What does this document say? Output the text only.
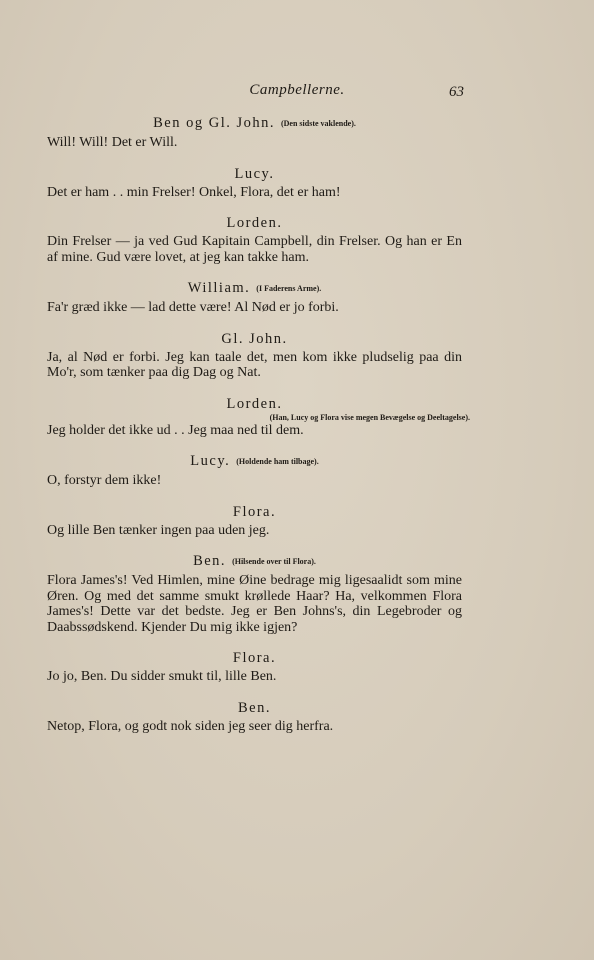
Campbellerne.	63
Ben og Gl. John. (Den sidste vaklende).
Will! Will! Det er Will.
Lucy.
Det er ham . . min Frelser! Onkel, Flora, det er ham!
Lorden.
Din Frelser — ja ved Gud Kapitain Campbell, din Frelser. Og han er En af mine. Gud være lovet, at jeg kan takke ham.
William. (I Faderens Arme).
Fa'r græd ikke — lad dette være! Al Nød er jo forbi.
Gl. John.
Ja, al Nød er forbi. Jeg kan taale det, men kom ikke pludselig paa din Mo'r, som tænker paa dig Dag og Nat.
Lorden.
(Han, Lucy og Flora vise megen Bevægelse og Deeltagelse).
Jeg holder det ikke ud . . Jeg maa ned til dem.
Lucy. (Holdende ham tilbage).
O, forstyr dem ikke!
Flora.
Og lille Ben tænker ingen paa uden jeg.
Ben. (Hilsende over til Flora).
Flora James's! Ved Himlen, mine Øine bedrage mig ligesaalidt som mine Øren. Og med det samme smukt krøllede Haar? Ha, velkommen Flora James's! Dette var det bedste. Jeg er Ben Johns's, din Legebroder og Daabssødskend. Kjender Du mig ikke igjen?
Flora.
Jo jo, Ben. Du sidder smukt til, lille Ben.
Ben.
Netop, Flora, og godt nok siden jeg seer dig herfra.
